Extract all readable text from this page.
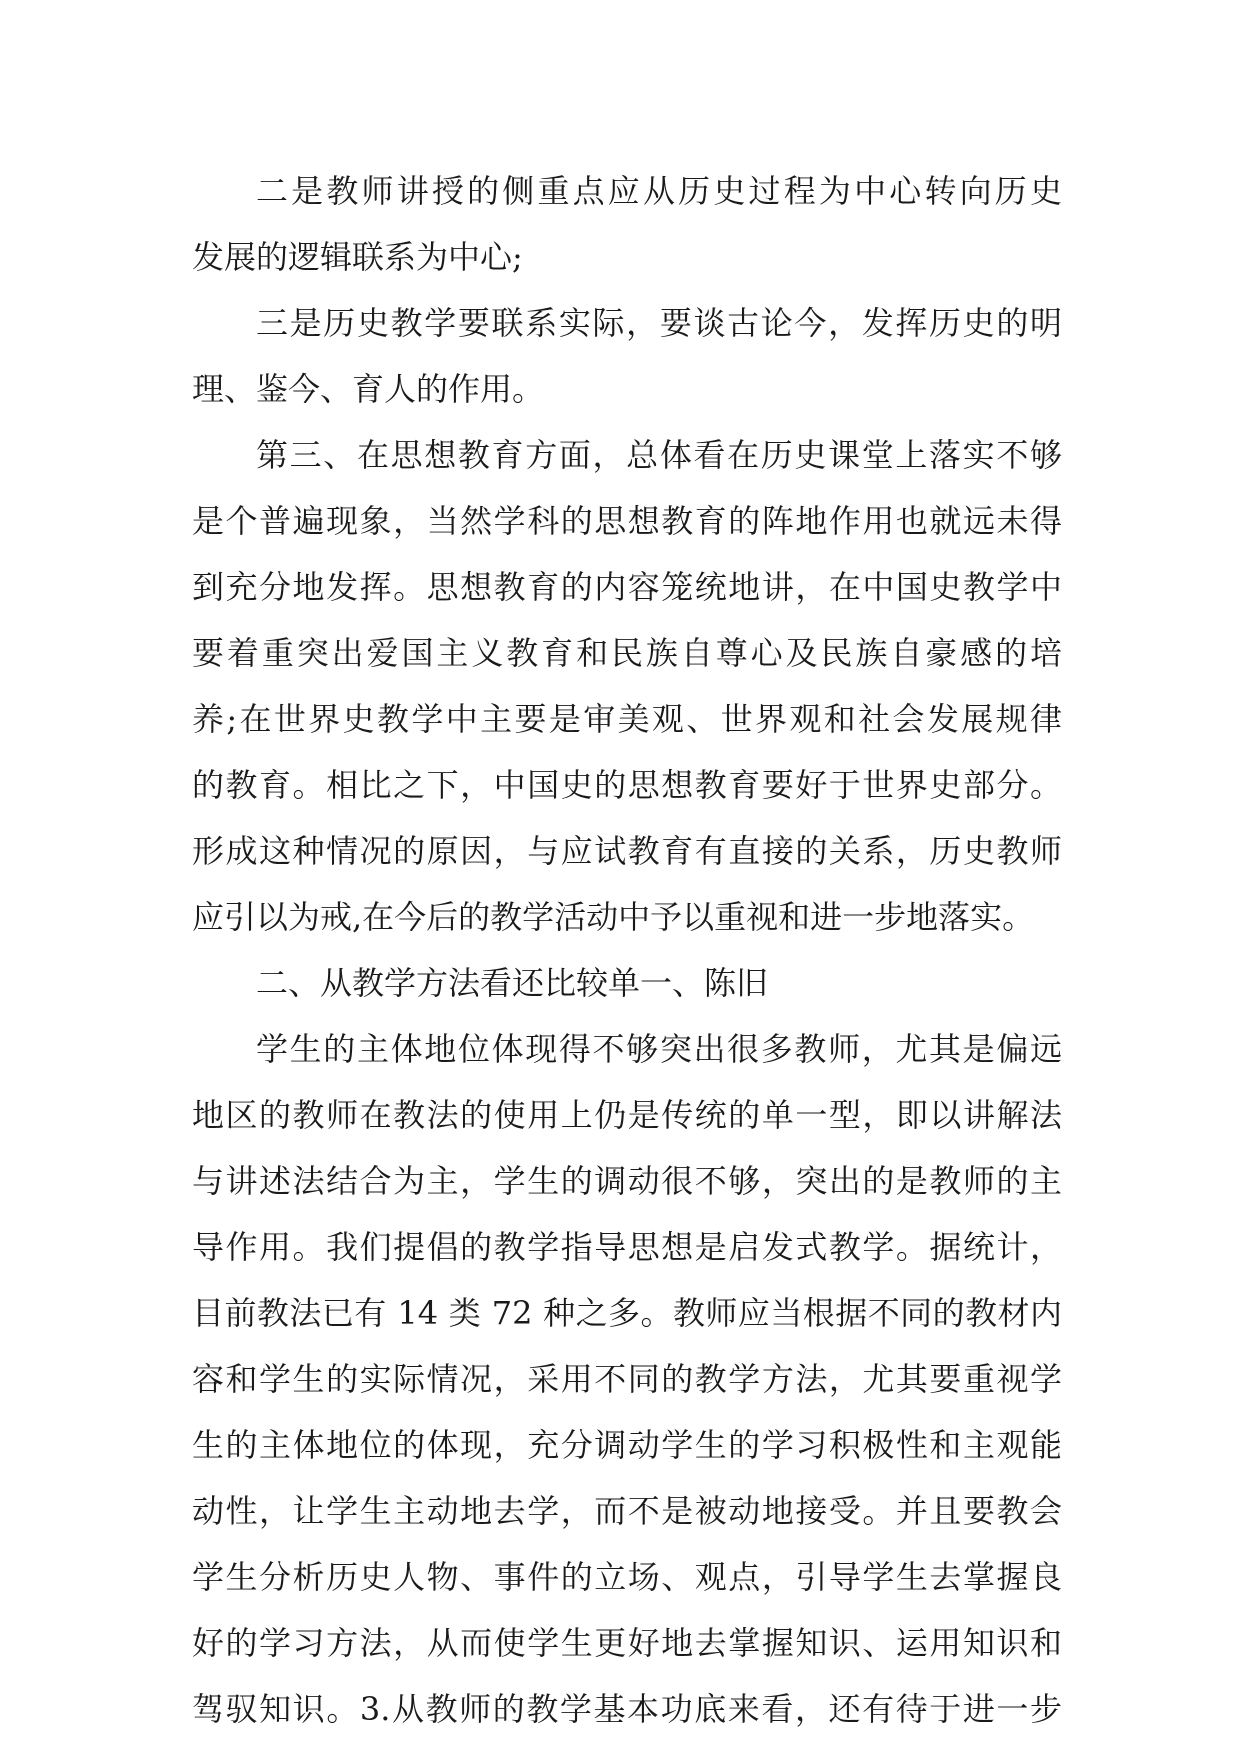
二是教师讲授的侧重点应从历史过程为中心转向历史
发展的逻辑联系为中心;
三是历史教学要联系实际，要谈古论今，发挥历史的明
理、鉴今、育人的作用。
第三、在思想教育方面，总体看在历史课堂上落实不够
是个普遍现象，当然学科的思想教育的阵地作用也就远未得
到充分地发挥。思想教育的内容笼统地讲，在中国史教学中
要着重突出爱国主义教育和民族自尊心及民族自豪感的培
养;在世界史教学中主要是审美观、世界观和社会发展规律
的教育。相比之下，中国史的思想教育要好于世界史部分。
形成这种情况的原因，与应试教育有直接的关系，历史教师
应引以为戒,在今后的教学活动中予以重视和进一步地落实。
二、从教学方法看还比较单一、陈旧
学生的主体地位体现得不够突出很多教师，尤其是偏远
地区的教师在教法的使用上仍是传统的单一型，即以讲解法
与讲述法结合为主，学生的调动很不够，突出的是教师的主
导作用。我们提倡的教学指导思想是启发式教学。据统计，
目前教法已有 14 类 72 种之多。教师应当根据不同的教材内
容和学生的实际情况，采用不同的教学方法，尤其要重视学
生的主体地位的体现，充分调动学生的学习积极性和主观能
动性，让学生主动地去学，而不是被动地接受。并且要教会
学生分析历史人物、事件的立场、观点，引导学生去掌握良
好的学习方法，从而使学生更好地去掌握知识、运用知识和
驾驭知识。3.从教师的教学基本功底来看，还有待于进一步
